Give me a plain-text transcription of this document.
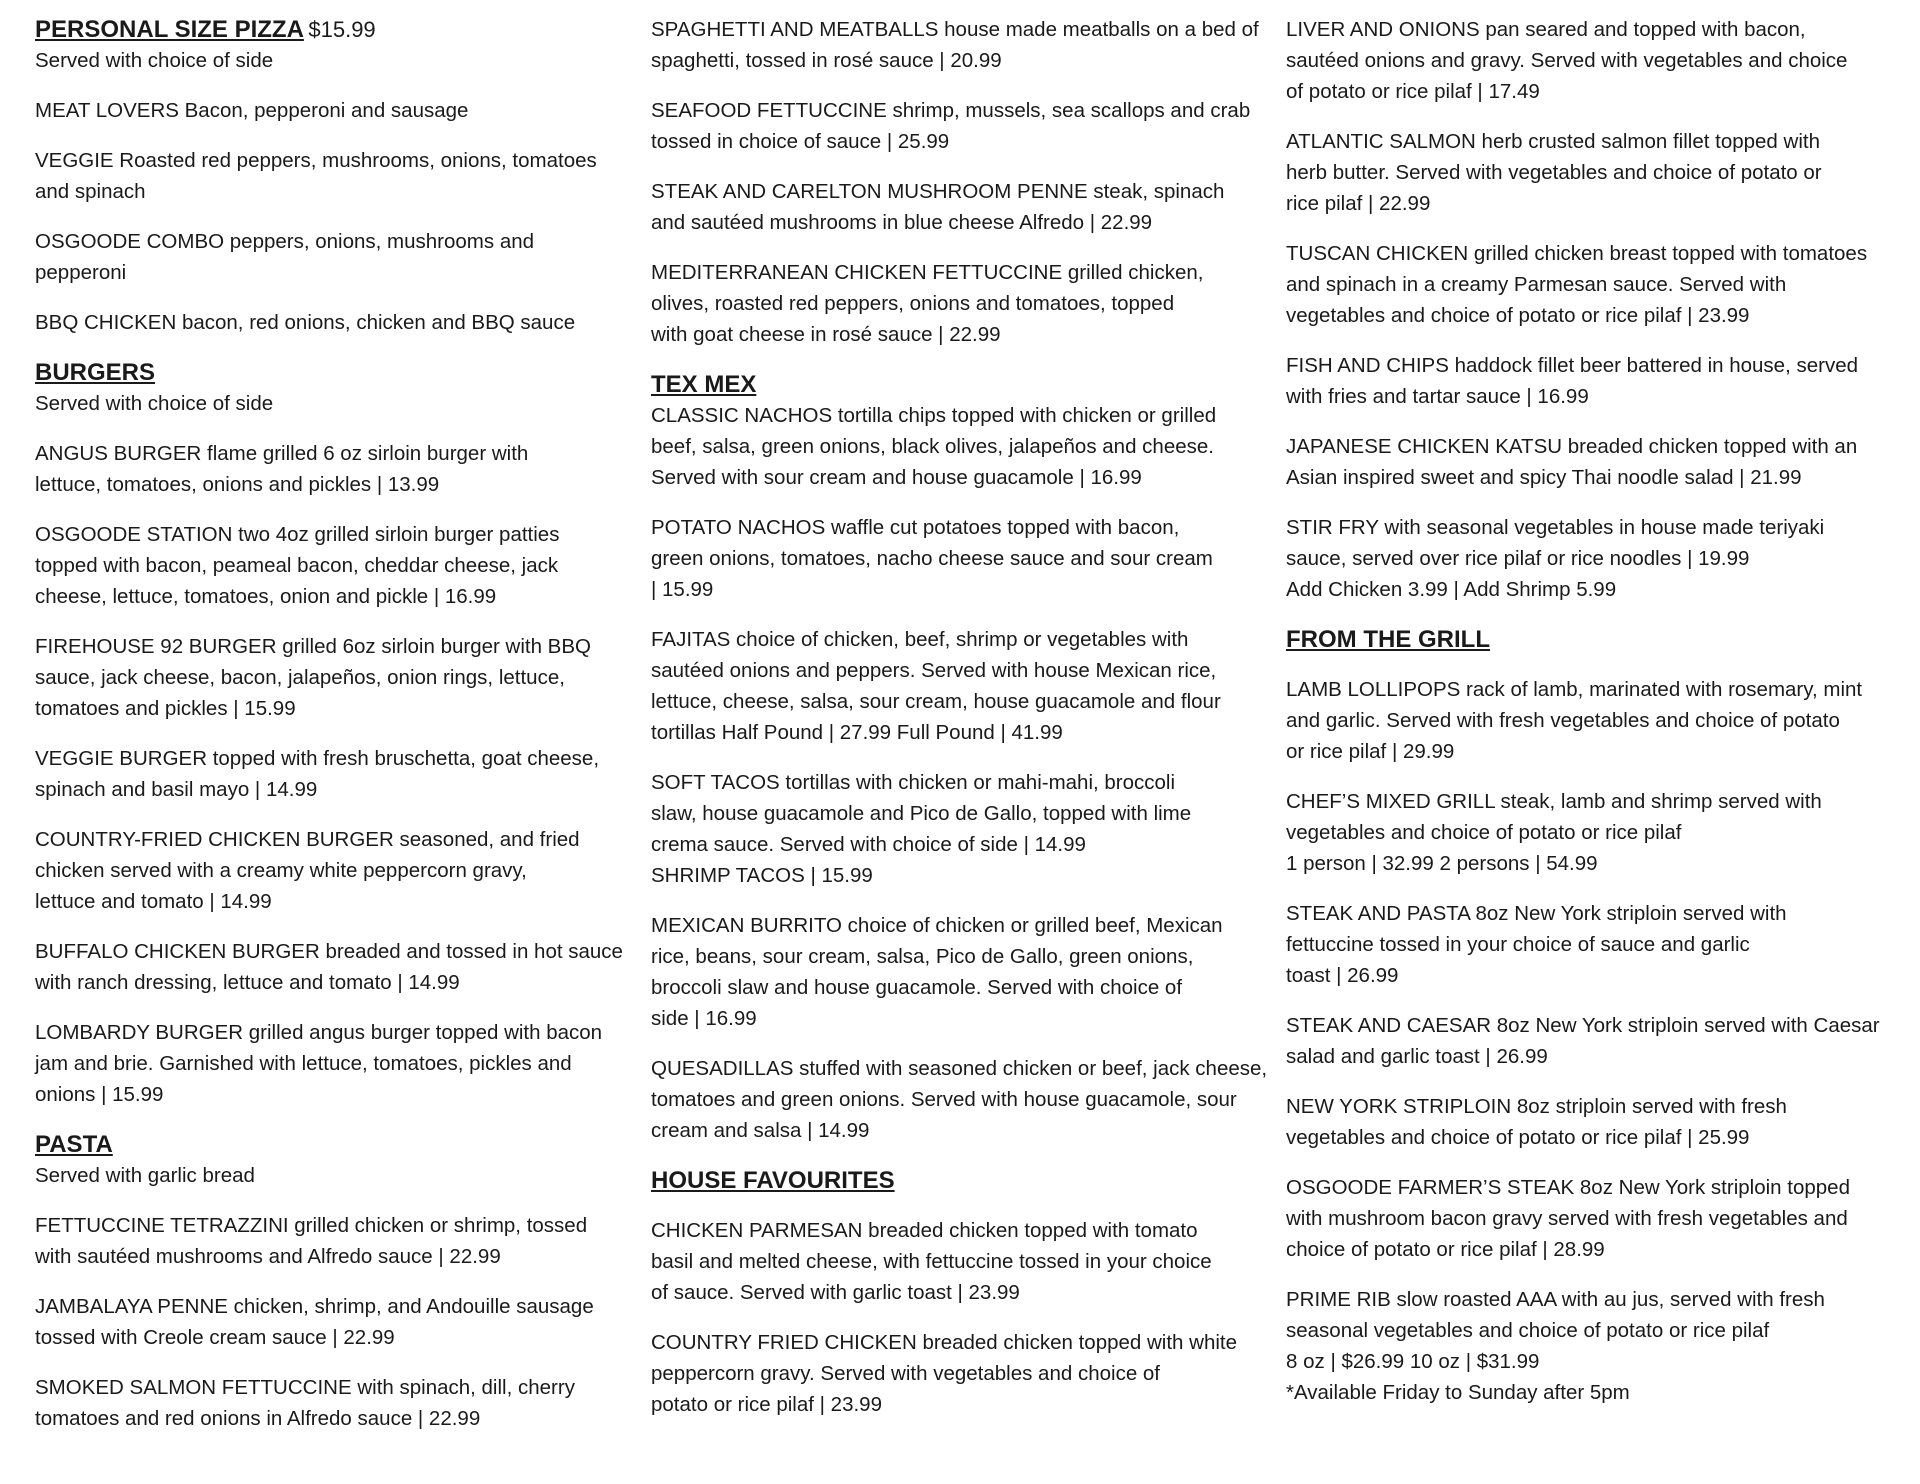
PERSONAL SIZE PIZZA $15.99
Served with choice of side
MEAT LOVERS Bacon, pepperoni and sausage
VEGGIE Roasted red peppers, mushrooms, onions, tomatoes
and spinach
OSGOODE COMBO peppers, onions, mushrooms and
pepperoni
BBQ CHICKEN bacon, red onions, chicken and BBQ sauce
BURGERS
Served with choice of side
ANGUS BURGER flame grilled 6 oz sirloin burger with
lettuce, tomatoes, onions and pickles | 13.99
OSGOODE STATION two 4oz grilled sirloin burger patties
topped with bacon, peameal bacon, cheddar cheese, jack
cheese, lettuce, tomatoes, onion and pickle | 16.99
FIREHOUSE 92 BURGER grilled 6oz sirloin burger with BBQ
sauce, jack cheese, bacon, jalapeños, onion rings, lettuce,
tomatoes and pickles | 15.99
VEGGIE BURGER topped with fresh bruschetta, goat cheese,
spinach and basil mayo | 14.99
COUNTRY-FRIED CHICKEN BURGER seasoned, and fried
chicken served with a creamy white peppercorn gravy,
lettuce and tomato | 14.99
BUFFALO CHICKEN BURGER breaded and tossed in hot sauce
with ranch dressing, lettuce and tomato | 14.99
LOMBARDY BURGER grilled angus burger topped with bacon
jam and brie. Garnished with lettuce, tomatoes, pickles and
onions | 15.99
PASTA
Served with garlic bread
FETTUCCINE TETRAZZINI grilled chicken or shrimp, tossed
with sautéed mushrooms and Alfredo sauce | 22.99
JAMBALAYA PENNE chicken, shrimp, and Andouille sausage
tossed with Creole cream sauce | 22.99
SMOKED SALMON FETTUCCINE with spinach, dill, cherry
tomatoes and red onions in Alfredo sauce | 22.99
SPAGHETTI AND MEATBALLS house made meatballs on a bed of
spaghetti, tossed in rosé sauce | 20.99
SEAFOOD FETTUCCINE shrimp, mussels, sea scallops and crab
tossed in choice of sauce | 25.99
STEAK AND CARELTON MUSHROOM PENNE steak, spinach
and sautéed mushrooms in blue cheese Alfredo | 22.99
MEDITERRANEAN CHICKEN FETTUCCINE grilled chicken,
olives, roasted red peppers, onions and tomatoes, topped
with goat cheese in rosé sauce | 22.99
TEX MEX
CLASSIC NACHOS tortilla chips topped with chicken or grilled
beef, salsa, green onions, black olives, jalapeños and cheese.
Served with sour cream and house guacamole | 16.99
POTATO NACHOS waffle cut potatoes topped with bacon,
green onions, tomatoes, nacho cheese sauce and sour cream
| 15.99
FAJITAS choice of chicken, beef, shrimp or vegetables with
sautéed onions and peppers. Served with house Mexican rice,
lettuce, cheese, salsa, sour cream, house guacamole and flour
tortillas Half Pound | 27.99 Full Pound | 41.99
SOFT TACOS tortillas with chicken or mahi-mahi, broccoli
slaw, house guacamole and Pico de Gallo, topped with lime
crema sauce. Served with choice of side | 14.99
SHRIMP TACOS | 15.99
MEXICAN BURRITO choice of chicken or grilled beef, Mexican
rice, beans, sour cream, salsa, Pico de Gallo, green onions,
broccoli slaw and house guacamole. Served with choice of
side | 16.99
QUESADILLAS stuffed with seasoned chicken or beef, jack cheese,
tomatoes and green onions. Served with house guacamole, sour
cream and salsa | 14.99
HOUSE FAVOURITES
CHICKEN PARMESAN breaded chicken topped with tomato
basil and melted cheese, with fettuccine tossed in your choice
of sauce. Served with garlic toast | 23.99
COUNTRY FRIED CHICKEN breaded chicken topped with white
peppercorn gravy. Served with vegetables and choice of
potato or rice pilaf | 23.99
LIVER AND ONIONS pan seared and topped with bacon,
sautéed onions and gravy. Served with vegetables and choice
of potato or rice pilaf | 17.49
ATLANTIC SALMON herb crusted salmon fillet topped with
herb butter. Served with vegetables and choice of potato or
rice pilaf | 22.99
TUSCAN CHICKEN grilled chicken breast topped with tomatoes
and spinach in a creamy Parmesan sauce. Served with
vegetables and choice of potato or rice pilaf | 23.99
FISH AND CHIPS haddock fillet beer battered in house, served
with fries and tartar sauce | 16.99
JAPANESE CHICKEN KATSU breaded chicken topped with an
Asian inspired sweet and spicy Thai noodle salad | 21.99
STIR FRY with seasonal vegetables in house made teriyaki
sauce, served over rice pilaf or rice noodles | 19.99
Add Chicken 3.99 | Add Shrimp 5.99
FROM THE GRILL
LAMB LOLLIPOPS rack of lamb, marinated with rosemary, mint
and garlic. Served with fresh vegetables and choice of potato
or rice pilaf | 29.99
CHEF’S MIXED GRILL steak, lamb and shrimp served with
vegetables and choice of potato or rice pilaf
1 person | 32.99 2 persons | 54.99
STEAK AND PASTA 8oz New York striploin served with
fettuccine tossed in your choice of sauce and garlic
toast | 26.99
STEAK AND CAESAR 8oz New York striploin served with Caesar
salad and garlic toast | 26.99
NEW YORK STRIPLOIN 8oz striploin served with fresh
vegetables and choice of potato or rice pilaf | 25.99
OSGOODE FARMER’S STEAK 8oz New York striploin topped
with mushroom bacon gravy served with fresh vegetables and
choice of potato or rice pilaf | 28.99
PRIME RIB slow roasted AAA with au jus, served with fresh
seasonal vegetables and choice of potato or rice pilaf
8 oz | $26.99 10 oz | $31.99
*Available Friday to Sunday after 5pm
